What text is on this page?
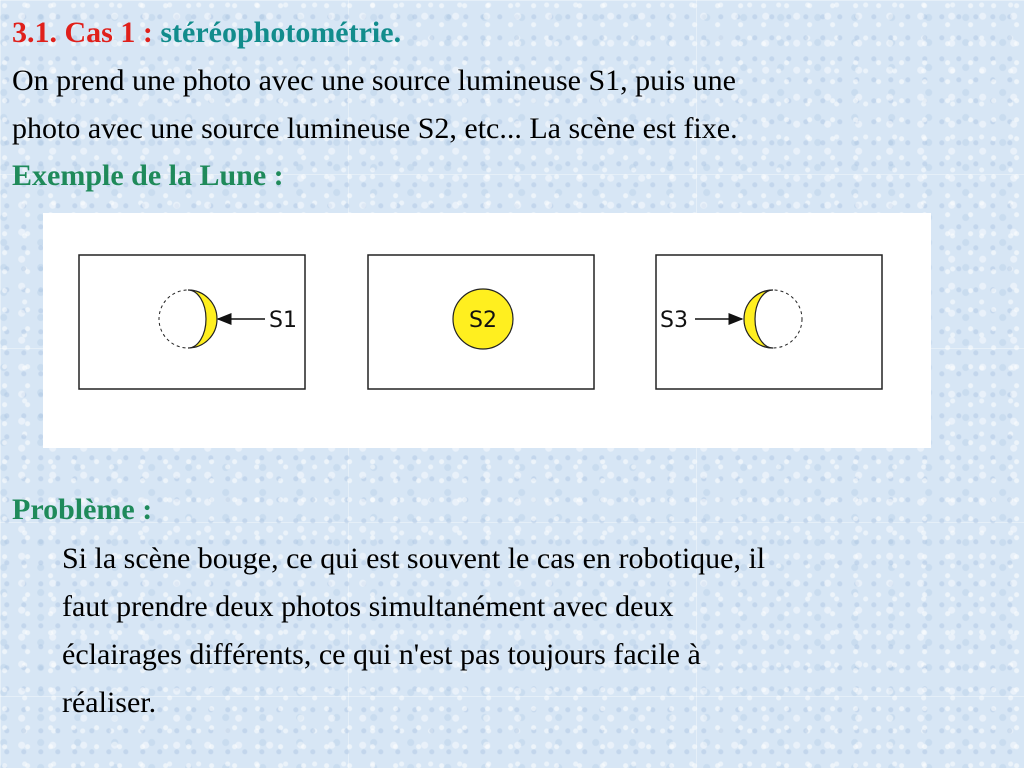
3.1. Cas 1 : stéréophotométrie.
On prend une photo avec une source lumineuse S1, puis une
photo avec une source lumineuse S2, etc... La scène est fixe.
Exemple de la Lune :
S1	S2	S3
Problème :
Si la scène bouge, ce qui est souvent le cas en robotique, il
faut prendre deux photos simultanément avec deux
éclairages différents, ce qui n'est pas toujours facile à
réaliser.
